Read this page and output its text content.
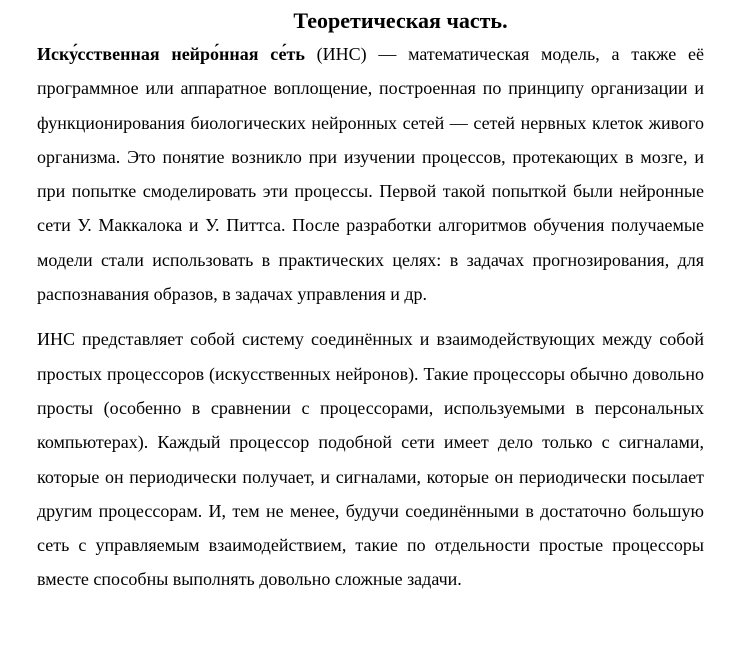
Теоретическая часть.

Иску́сственная нейро́нная се́ть (ИНС) — математическая модель, а также её программное или аппаратное воплощение, построенная по принципу организации и функционирования биологических нейронных сетей — сетей нервных клеток живого организма. Это понятие возникло при изучении процессов, протекающих в мозге, и при попытке смоделировать эти процессы. Первой такой попыткой были нейронные сети У. Маккалока и У. Питтса. После разработки алгоритмов обучения получаемые модели стали использовать в практических целях: в задачах прогнозирования, для распознавания образов, в задачах управления и др.

ИНС представляет собой систему соединённых и взаимодействующих между собой простых процессоров (искусственных нейронов). Такие процессоры обычно довольно просты (особенно в сравнении с процессорами, используемыми в персональных компьютерах). Каждый процессор подобной сети имеет дело только с сигналами, которые он периодически получает, и сигналами, которые он периодически посылает другим процессорам. И, тем не менее, будучи соединёнными в достаточно большую сеть с управляемым взаимодействием, такие по отдельности простые процессоры вместе способны выполнять довольно сложные задачи.
